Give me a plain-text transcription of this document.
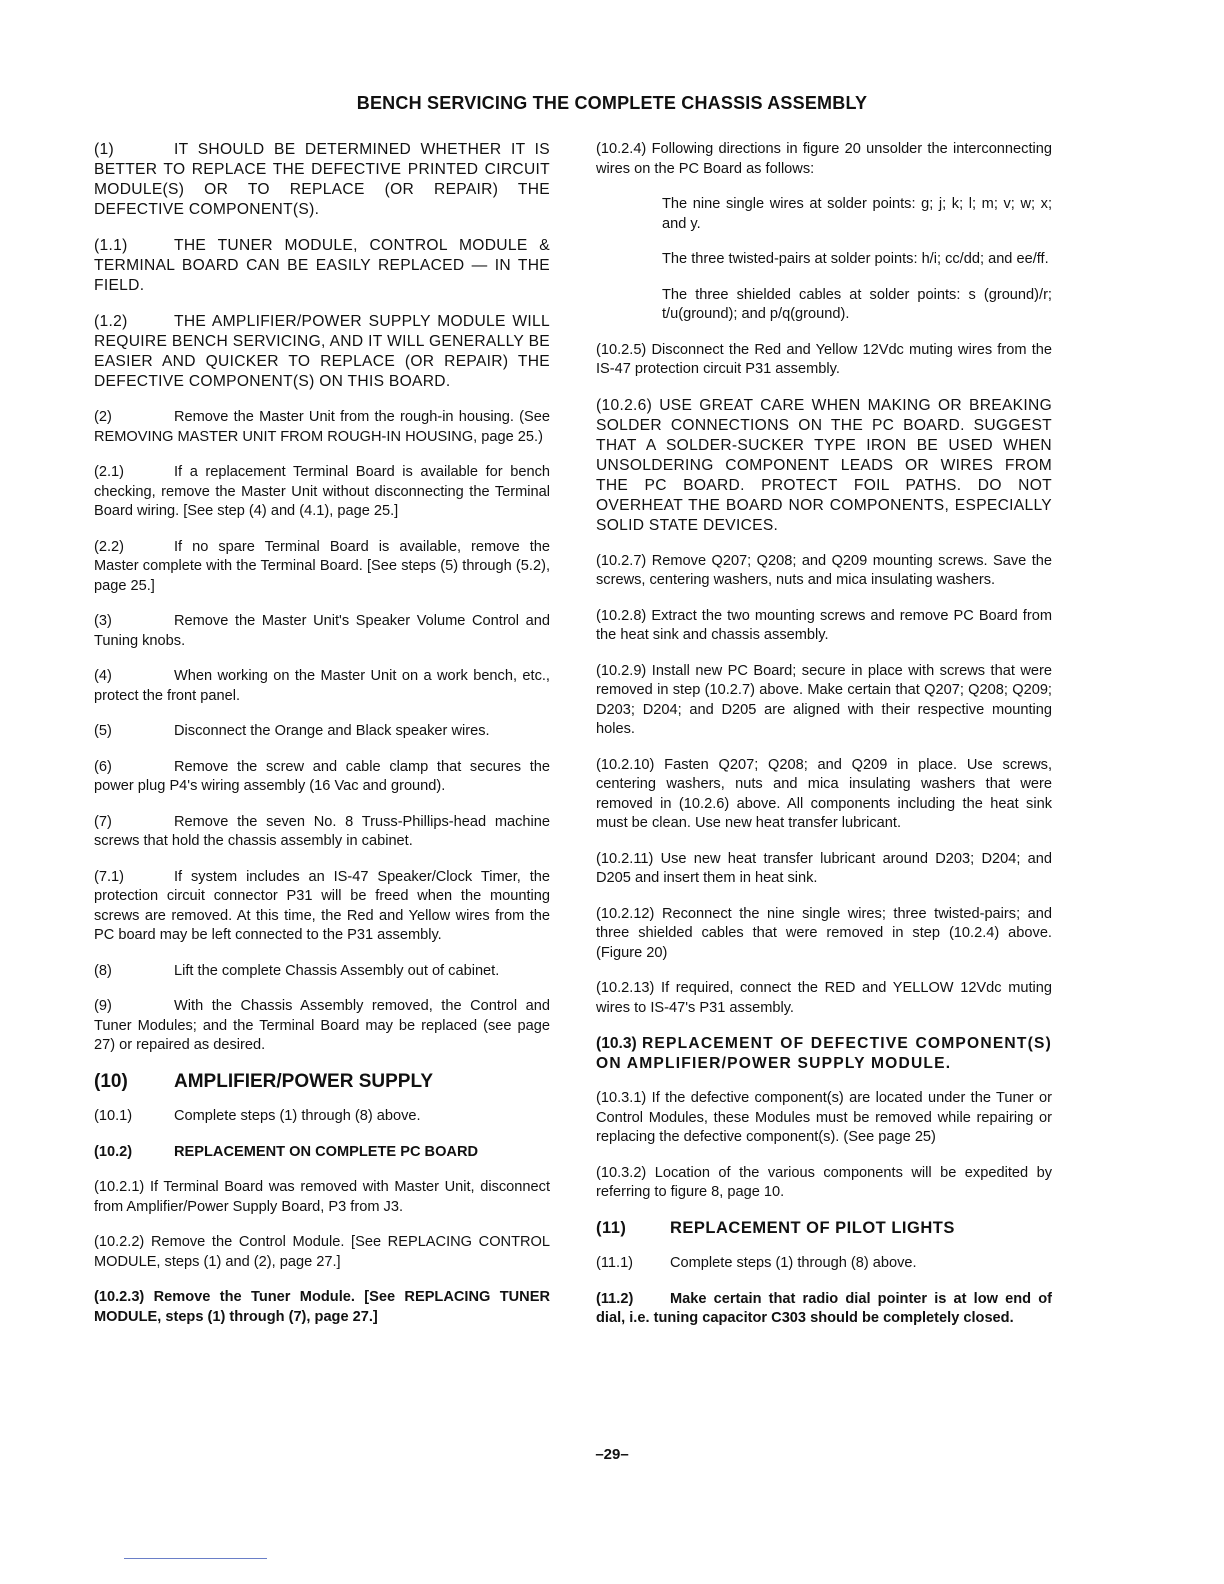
BENCH SERVICING THE COMPLETE CHASSIS ASSEMBLY

(1)	IT SHOULD BE DETERMINED WHETHER IT IS BETTER TO REPLACE THE DEFECTIVE PRINTED CIRCUIT MODULE(S) OR TO REPLACE (OR REPAIR) THE DEFECTIVE COMPONENT(S).

(1.1)	THE TUNER MODULE, CONTROL MODULE & TERMINAL BOARD CAN BE EASILY REPLACED — IN THE FIELD.

(1.2)	THE AMPLIFIER/POWER SUPPLY MODULE WILL REQUIRE BENCH SERVICING, AND IT WILL GENERALLY BE EASIER AND QUICKER TO REPLACE (OR REPAIR) THE DEFECTIVE COMPONENT(S) ON THIS BOARD.

(2)	Remove the Master Unit from the rough-in housing. (See REMOVING MASTER UNIT FROM ROUGH-IN HOUSING, page 25.)

(2.1)	If a replacement Terminal Board is available for bench checking, remove the Master Unit without disconnecting the Terminal Board wiring. [See step (4) and (4.1), page 25.]

(2.2)	If no spare Terminal Board is available, remove the Master complete with the Terminal Board. [See steps (5) through (5.2), page 25.]

(3)	Remove the Master Unit's Speaker Volume Control and Tuning knobs.

(4)	When working on the Master Unit on a work bench, etc., protect the front panel.

(5)	Disconnect the Orange and Black speaker wires.

(6)	Remove the screw and cable clamp that secures the power plug P4's wiring assembly (16 Vac and ground).

(7)	Remove the seven No. 8 Truss-Phillips-head machine screws that hold the chassis assembly in cabinet.

(7.1)	If system includes an IS-47 Speaker/Clock Timer, the protection circuit connector P31 will be freed when the mounting screws are removed. At this time, the Red and Yellow wires from the PC board may be left connected to the P31 assembly.

(8)	Lift the complete Chassis Assembly out of cabinet.

(9)	With the Chassis Assembly removed, the Control and Tuner Modules; and the Terminal Board may be replaced (see page 27) or repaired as desired.

(10) AMPLIFIER/POWER SUPPLY

(10.1)	Complete steps (1) through (8) above.

(10.2)	REPLACEMENT ON COMPLETE PC BOARD

(10.2.1) If Terminal Board was removed with Master Unit, disconnect from Amplifier/Power Supply Board, P3 from J3.

(10.2.2) Remove the Control Module. [See REPLACING CONTROL MODULE, steps (1) and (2), page 27.]

(10.2.3) Remove the Tuner Module. [See REPLACING TUNER MODULE, steps (1) through (7), page 27.]

(10.2.4) Following directions in figure 20 unsolder the interconnecting wires on the PC Board as follows:

The nine single wires at solder points: g; j; k; l; m; v; w; x; and y.

The three twisted-pairs at solder points: h/i; cc/dd; and ee/ff.

The three shielded cables at solder points: s (ground)/r; t/u(ground); and p/q(ground).

(10.2.5) Disconnect the Red and Yellow 12Vdc muting wires from the IS-47 protection circuit P31 assembly.

(10.2.6) USE GREAT CARE WHEN MAKING OR BREAKING SOLDER CONNECTIONS ON THE PC BOARD. SUGGEST THAT A SOLDER-SUCKER TYPE IRON BE USED WHEN UNSOLDERING COMPONENT LEADS OR WIRES FROM THE PC BOARD. PROTECT FOIL PATHS. DO NOT OVERHEAT THE BOARD NOR COMPONENTS, ESPECIALLY SOLID STATE DEVICES.

(10.2.7) Remove Q207; Q208; and Q209 mounting screws. Save the screws, centering washers, nuts and mica insulating washers.

(10.2.8) Extract the two mounting screws and remove PC Board from the heat sink and chassis assembly.

(10.2.9) Install new PC Board; secure in place with screws that were removed in step (10.2.7) above. Make certain that Q207; Q208; Q209; D203; D204; and D205 are aligned with their respective mounting holes.

(10.2.10) Fasten Q207; Q208; and Q209 in place. Use screws, centering washers, nuts and mica insulating washers that were removed in (10.2.6) above. All components including the heat sink must be clean. Use new heat transfer lubricant.

(10.2.11) Use new heat transfer lubricant around D203; D204; and D205 and insert them in heat sink.

(10.2.12) Reconnect the nine single wires; three twisted-pairs; and three shielded cables that were removed in step (10.2.4) above. (Figure 20)

(10.2.13) If required, connect the RED and YELLOW 12Vdc muting wires to IS-47's P31 assembly.

(10.3) REPLACEMENT OF DEFECTIVE COMPONENT(S) ON AMPLIFIER/POWER SUPPLY MODULE.

(10.3.1) If the defective component(s) are located under the Tuner or Control Modules, these Modules must be removed while repairing or replacing the defective component(s). (See page 25)

(10.3.2) Location of the various components will be expedited by referring to figure 8, page 10.

(11)	REPLACEMENT OF PILOT LIGHTS

(11.1)	Complete steps (1) through (8) above.

(11.2)	Make certain that radio dial pointer is at low end of dial, i.e. tuning capacitor C303 should be completely closed.

–29–
